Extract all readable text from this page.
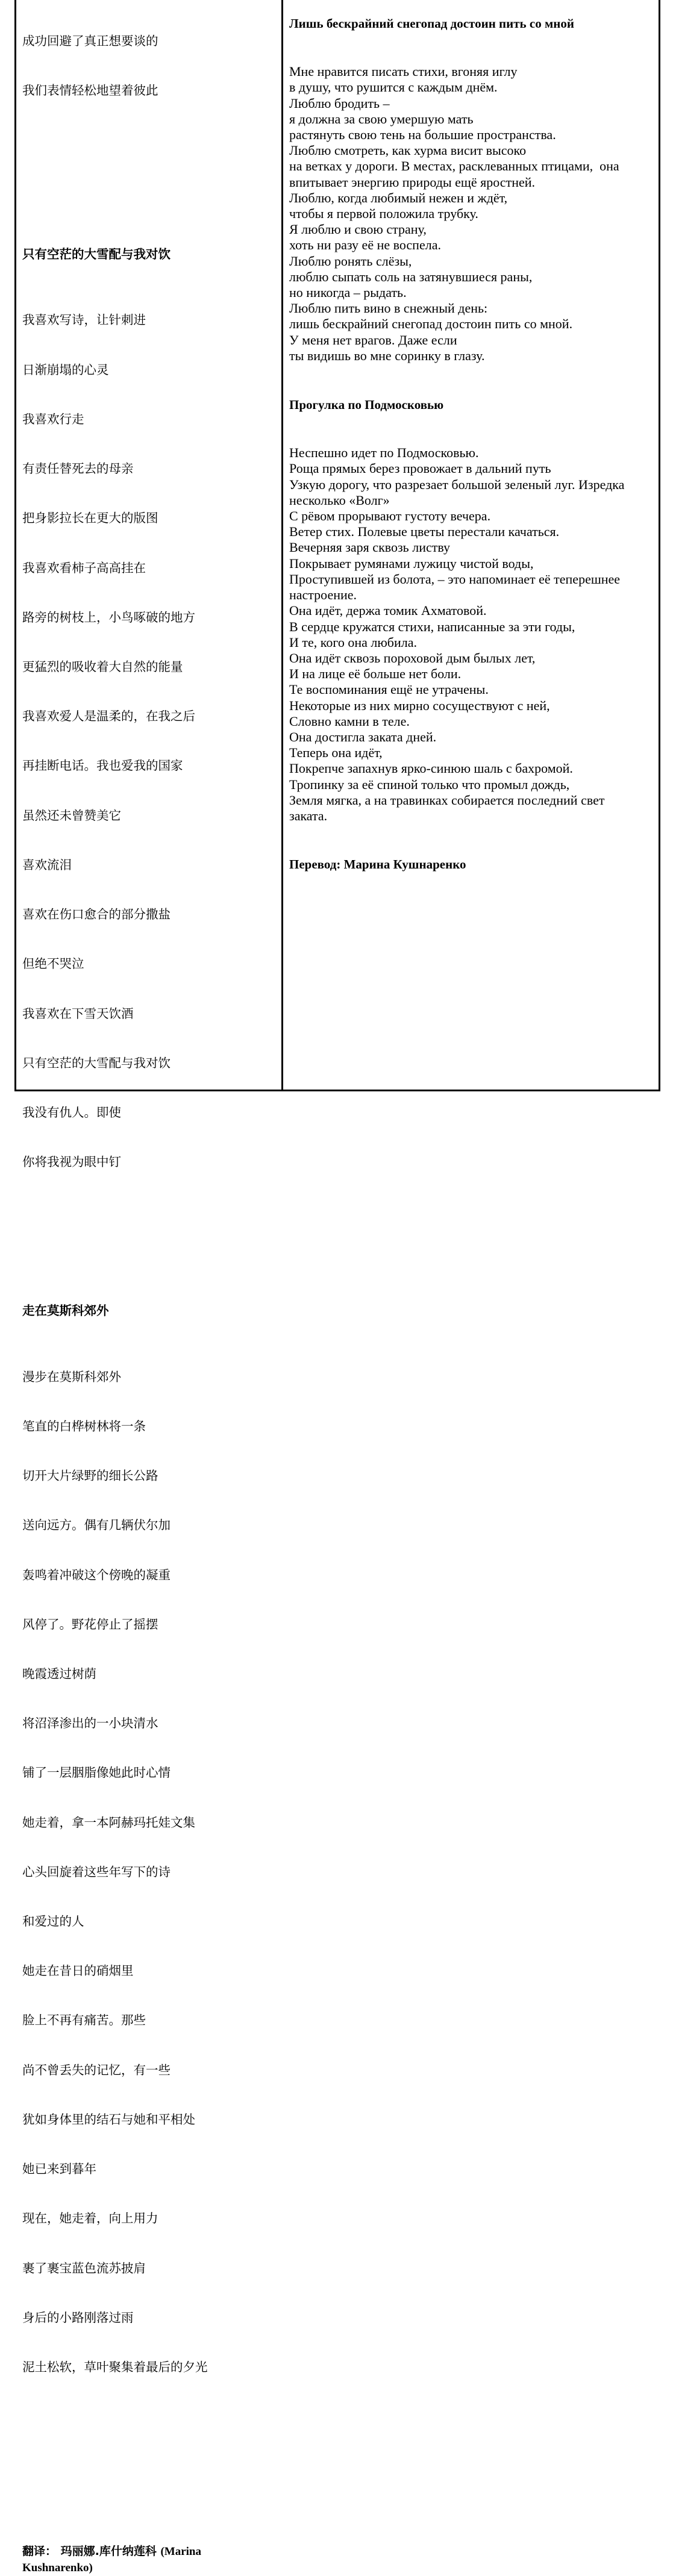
成功回避了真正想要谈的

我们表情轻松地望着彼此

只有空茫的大雪配与我对饮

我喜欢写诗，让针刺进

日渐崩塌的心灵

我喜欢行走

有责任替死去的母亲

把身影拉长在更大的版图

我喜欢看柿子高高挂在

路旁的树枝上，小鸟啄破的地方

更猛烈的吸收着大自然的能量

我喜欢爱人是温柔的，在我之后

再挂断电话。我也爱我的国家

虽然还未曾赞美它

喜欢流泪

喜欢在伤口愈合的部分撒盐

但绝不哭泣

我喜欢在下雪天饮酒

只有空茫的大雪配与我对饮

我没有仇人。即使

你将我视为眼中钉

走在莫斯科郊外

漫步在莫斯科郊外

笔直的白桦树林将一条

切开大片绿野的细长公路

送向远方。偶有几辆伏尔加

轰鸣着冲破这个傍晚的凝重

风停了。野花停止了摇摆

晚霞透过树荫

将沼泽渗出的一小块清水

铺了一层胭脂像她此时心情

她走着，拿一本阿赫玛托娃文集

心头回旋着这些年写下的诗

和爱过的人

她走在昔日的硝烟里

脸上不再有痛苦。那些

尚不曾丢失的记忆，有一些

犹如身体里的结石与她和平相处

她已来到暮年

现在，她走着，向上用力

裹了裹宝蓝色流苏披肩

身后的小路刚落过雨

泥土松软，草叶聚集着最后的夕光

翻译： 玛丽娜.库什纳莲科 (Marina
Kushnarenko)
Лишь бескрайний снегопад достоин пить со мной
Мне нравится писать стихи, вгоняя иглу
в душу, что рушится с каждым днём.
Люблю бродить –
я должна за свою умершую мать
растянуть свою тень на большие пространства.
Люблю смотреть, как хурма висит высоко
на ветках у дороги. В местах, расклеванных птицами,  она
впитывает энергию природы ещё яростней.
Люблю, когда любимый нежен и ждёт,
чтобы я первой положила трубку.
Я люблю и свою страну,
хоть ни разу её не воспела.
Люблю ронять слёзы,
люблю сыпать соль на затянувшиеся раны,
но никогда – рыдать.
Люблю пить вино в снежный день:
лишь бескрайний снегопад достоин пить со мной.
У меня нет врагов. Даже если
ты видишь во мне соринку в глазу.
Прогулка по Подмосковью
Неспешно идет по Подмосковью.
Роща прямых берез провожает в дальний путь
Узкую дорогу, что разрезает большой зеленый луг. Изредка
несколько «Волг»
С рёвом прорывают густоту вечера.
Ветер стих. Полевые цветы перестали качаться.
Вечерняя заря сквозь листву
Покрывает румянами лужицу чистой воды,
Проступившей из болота, – это напоминает её теперешнее
настроение.
Она идёт, держа томик Ахматовой.
В сердце кружатся стихи, написанные за эти годы,
И те, кого она любила.
Она идёт сквозь пороховой дым былых лет,
И на лице её больше нет боли.
Те воспоминания ещё не утрачены.
Некоторые из них мирно сосуществуют с ней,
Словно камни в теле.
Она достигла заката дней.
Теперь она идёт,
Покрепче запахнув ярко-синюю шаль с бахромой.
Тропинку за её спиной только что промыл дождь,
Земля мягка, а на травинках собирается последний свет
заката.
Перевод: Марина Кушнаренко
